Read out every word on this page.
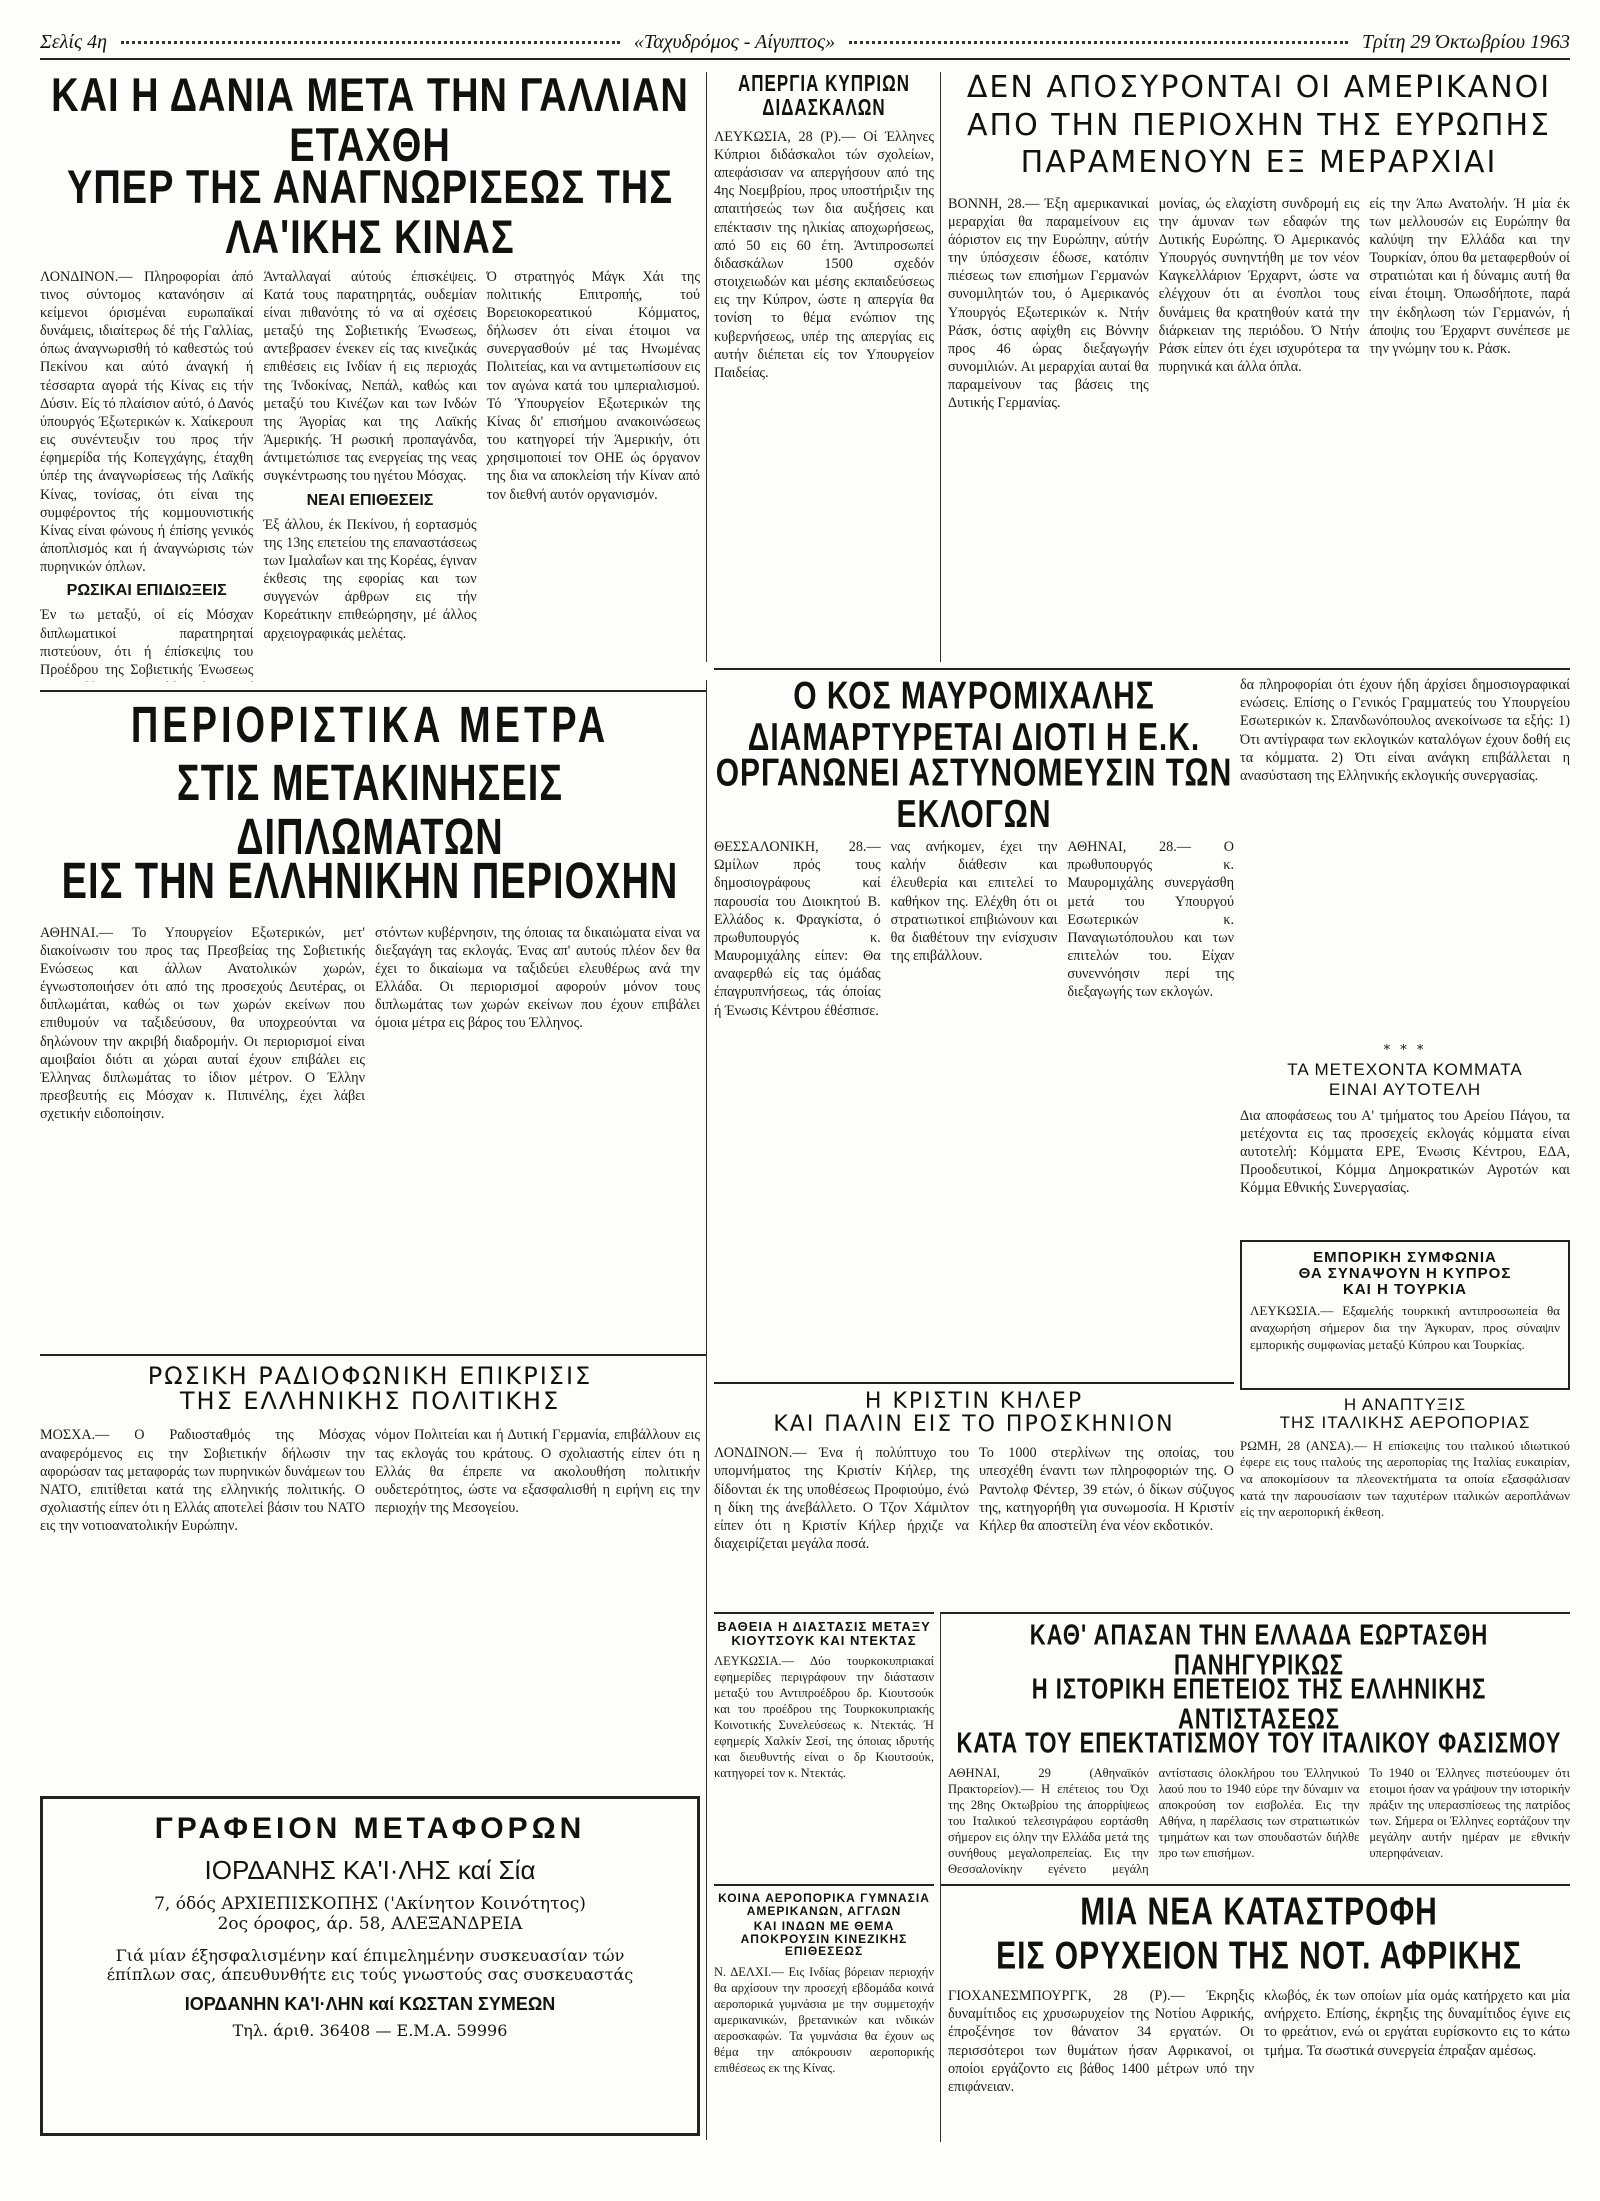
Σελίς 4η	«Ταχυδρόμος - Αίγυπτος»	Τρίτη 29 Όκτωβρίου 1963
ΚΑΙ Η ΔΑΝΙΑ ΜΕΤΑ ΤΗΝ ΓΑΛΛΙΑΝ ΕΤΑΧΘΗ
ΥΠΕΡ ΤΗΣ ΑΝΑΓΝΩΡΙΣΕΩΣ ΤΗΣ ΛΑ'ΙΚΗΣ ΚΙΝΑΣ

ΛΟΝΔΙΝΟΝ.— Πληροφορίαι άπό τινος σύντομος κατανόησιν αί κείμενοι όρισμέναι ευρωπαϊκαί δυνάμεις, ιδιαίτερως δέ τής Γαλλίας, όπως άναγνωρισθή τό καθεστώς τού Πεκίνου και αύτό άναγκή ή τέσσαρτα αγορά τής Κίνας εις τήν Δύσιν. Είς τό πλαίσιον αύτό, ό Δανός ύπουργός Έξωτερικών κ. Χαίκερουπ εις συνέντευξιν του προς τήν έφημερίδα τής Κοπεγχάγης, έταχθη ύπέρ της άναγνωρίσεως τής Λαϊκής Κίνας, τονίσας, ότι είναι της συμφέροντος τής κομμουνιστικής Κίνας είναι φώνους ή έπίσης γενικός άποπλισμός και ή άναγνώρισις τών πυρηνικών όπλων.

ΡΩΣΙΚΑΙ ΕΠΙΔΙΩΞΕΙΣ

Έν τω μεταξύ, οί είς Μόσχαν διπλωματικοί παρατηρηταί πιστεύουν, ότι ή έπίσκεψις του Προέδρου της Σοβιετικής Ένωσεως

Άνταλλαγαί αύτούς έπισκέψεις. Κατά τους παρατηρητάς, ουδεμίαν είναι πιθανότης τό να αί σχέσεις μεταξύ της Σοβιετικής Ένωσεως, αντεβρασεν ένεκεν είς τας κινεζικάς επιθέσεις εις Ινδίαν ή εις περιοχάς της Ίνδοκίνας, Νεπάλ, καθώς και μεταξύ του Κινέζων και των Ινδών της Άγορίας και της Λαϊκής Άμερικής. Ή ρωσική προπαγάνδα, άντιμετώπισε τας ενεργείας της νεας συγκέντρωσης του ηγέτου Μόσχας.

ΝΕΑΙ ΕΠΙΘΕΣΕΙΣ

Έξ άλλου, έκ Πεκίνου, ή εορτασμός της 13ης επετείου της επαναστάσεως των Ιμαλαΐων και της Κορέας, έγιναν έκθεσις της εφορίας και των συγγενών άρθρων εις τήν Κορεάτικην επιθεώρησην, μέ άλλος αρχειογραφικάς μελέτας.

Ό στρατηγός Μάγκ Χάι της πολιτικής Επιτροπής, τού Βορειοκορεατικού Κόμματος, δήλωσεν ότι είναι έτοιμοι να συνεργασθούν μέ τας Ηνωμένας Πολιτείας, και να αντιμετωπίσουν εις τον αγώνα κατά του ιμπεριαλισμού. Τό Ύπουργείον Εξωτερικών της Κίνας δι' επισήμου ανακοινώσεως του κατηγορεί τήν Άμερικήν, ότι χρησιμοποιεί τον ΟΗΕ ώς όργανον της δια να αποκλείση τήν Κίναν από τον διεθνή αυτόν οργανισμόν.

ΑΠΕΡΓΙΑ ΚΥΠΡΙΩΝ
ΔΙΔΑΣΚΑΛΩΝ

ΛΕΥΚΩΣΙΑ, 28 (Ρ).— Οί Έλληνες Κύπριοι διδάσκαλοι τών σχολείων, απεφάσισαν να απεργήσουν από της 4ης Νοεμβρίου, προς υποστήριξιν της απαιτήσεώς των δια αυξήσεις και επέκτασιν της ηλικίας αποχωρήσεως, από 50 εις 60 έτη. Άντιπροσωπεί διδασκάλων 1500 σχεδόν στοιχειωδών και μέσης εκπαιδεύσεως εις την Κύπρον, ώστε η απεργία θα τονίση το θέμα ενώπιον της κυβερνήσεως, υπέρ της απεργίας εις αυτήν διέπεται είς τον Υπουργείον Παιδείας.

ΔΕΝ ΑΠΟΣΥΡΟΝΤΑΙ ΟΙ ΑΜΕΡΙΚΑΝΟΙ
ΑΠΟ ΤΗΝ ΠΕΡΙΟΧΗΝ ΤΗΣ ΕΥΡΩΠΗΣ
ΠΑΡΑΜΕΝΟΥΝ ΕΞ ΜΕΡΑΡΧΙΑΙ

ΒΟΝΝΗ, 28.— Έξη αμερικανικαί μεραρχίαι θα παραμείνουν εις άόριστον εις την Ευρώπην, αύτήν την ύπόσχεσιν έδωσε, κατόπιν πιέσεως των επισήμων Γερμανών συνομιλητών του, ό Αμερικανός Υπουργός Εξωτερικών κ. Ντήν Ράσκ, όστις αφίχθη εις Βόννην προς 46 ώρας διεξαγωγήν συνομιλιών. Αι μεραρχίαι αυταί θα παραμείνουν τας βάσεις της Δυτικής Γερμανίας.

μονίας, ώς ελαχίστη συνδρομή εις την άμυναν των εδαφών της Δυτικής Ευρώπης. Ό Αμερικανός Υπουργός συνηντήθη με τον νέον Καγκελλάριον Έρχαρντ, ώστε να ελέγχουν ότι αι ένοπλοι τους δυνάμεις θα κρατηθούν κατά την διάρκειαν της περιόδου. Ό Ντήν Ράσκ είπεν ότι έχει ισχυρότερα τα πυρηνικά και άλλα όπλα.

είς την Άπω Ανατολήν. Ή μία έκ των μελλουσών εις Ευρώπην θα καλύψη την Ελλάδα και την Τουρκίαν, όπου θα μεταφερθούν οί στρατιώται και ή δύναμις αυτή θα είναι έτοιμη. Όπωσδήποτε, παρά την έκδηλωση τών Γερμανών, ή άποψις του Έρχαρντ συνέπεσε με την γνώμην του κ. Ράσκ.

Ο ΚΟΣ ΜΑΥΡΟΜΙΧΑΛΗΣ ΔΙΑΜΑΡΤΥΡΕΤΑΙ ΔΙΟΤΙ Η Ε.Κ.
ΟΡΓΑΝΩΝΕΙ ΑΣΤΥΝΟΜΕΥΣΙΝ ΤΩΝ ΕΚΛΟΓΩΝ

ΘΕΣΣΑΛΟΝΙΚΗ, 28.— Ωμίλων πρός τους δημοσιογράφους καί παρουσία του Διοικητού Β. Ελλάδος κ. Φραγκίστα, ό πρωθυπουργός κ. Μαυρομιχάλης είπεν: Θα αναφερθώ είς τας όμάδας έπαγρυπνήσεως, τάς όποίας ή Ένωσις Κέντρου έθέσπισε.

νας ανήκομεν, έχει την καλήν διάθεσιν και έλευθερία και επιτελεί το καθήκον της. Ελέχθη ότι οι στρατιωτικοί επιβιώνουν και θα διαθέτουν την ενίσχυσιν της επιβάλλουν.

ΑΘΗΝΑΙ, 28.— Ο πρωθυπουργός κ. Μαυρομιχάλης συνεργάσθη μετά του Υπουργού Εσωτερικών κ. Παναγιωτόπουλου και των επιτελών του. Είχαν συνεννόησιν περί της διεξαγωγής των εκλογών.

δα πληροφορίαι ότι έχουν ήδη άρχίσει δημοσιογραφικαί ενώσεις. Επίσης ο Γενικός Γραμματεύς του Υπουργείου Εσωτερικών κ. Σπανδωνόπουλος ανεκοίνωσε τα εξής: 1) Ότι αντίγραφα των εκλογικών καταλόγων έχουν δοθή εις τα κόμματα. 2) Ότι είναι ανάγκη επιβάλλεται η ανασύσταση της Ελληνικής εκλογικής συνεργασίας.

* * *
ΤΑ ΜΕΤΕΧΟΝΤΑ ΚΟΜΜΑΤΑ
ΕΙΝΑΙ ΑΥΤΟΤΕΛΗ

Δια αποφάσεως του Α' τμήματος του Αρείου Πάγου, τα μετέχοντα εις τας προσεχείς εκλογάς κόμματα είναι αυτοτελή: Κόμματα ΕΡΕ, Ένωσις Κέντρου, ΕΔΑ, Προοδευτικοί, Κόμμα Δημοκρατικών Αγροτών και Κόμμα Εθνικής Συνεργασίας.

ΕΜΠΟΡΙΚΗ ΣΥΜΦΩΝΙΑ
ΘΑ ΣΥΝΑΨΟΥΝ Η ΚΥΠΡΟΣ
ΚΑΙ Η ΤΟΥΡΚΙΑ

ΛΕΥΚΩΣΙΑ.— Εξαμελής τουρκική αντιπροσωπεία θα αναχωρήση σήμερον δια την Άγκυραν, προς σύναψιν εμπορικής συμφωνίας μεταξύ Κύπρου και Τουρκίας.

Η ΑΝΑΠΤΥΞΙΣ
ΤΗΣ ΙΤΑΛΙΚΗΣ ΑΕΡΟΠΟΡΙΑΣ

ΡΩΜΗ, 28 (ΑΝΣΑ).— Η επίσκεψις του ιταλικού ιδιωτικού έφερε εις τους ιταλούς της αεροπορίας της Ιταλίας ευκαιρίαν, να αποκομίσουν τα πλεονεκτήματα τα οποία εξασφάλισαν κατά την παρουσίασιν των ταχυτέρων ιταλικών αεροπλάνων είς την αεροπορική έκθεση.

Η ΚΡΙΣΤΙΝ ΚΗΛΕΡ
ΚΑΙ ΠΑΛΙΝ ΕΙΣ ΤΟ ΠΡΟΣΚΗΝΙΟΝ

ΛΟΝΔΙΝΟΝ.— Ένα ή πολύπτυχο του υπομνήματος της Κριστίν Κήλερ, της δίδονται έκ της υποθέσεως Προφιούμο, ένώ η δίκη της άνεβάλλετο. Ο Τζον Χάμιλτον είπεν ότι η Κριστίν Κήλερ ήρχιζε να διαχειρίζεται μεγάλα ποσά.

Το 1000 στερλίνων της οποίας, του υπεσχέθη έναντι των πληροφοριών της. Ο Ραντολφ Φέντερ, 39 ετών, ό δίκων σύζυγος της, κατηγορήθη για συνωμοσία. Η Κριστίν Κήλερ θα αποστείλη ένα νέον εκδοτικόν.

ΠΕΡΙΟΡΙΣΤΙΚΑ ΜΕΤΡΑ
ΣΤΙΣ ΜΕΤΑΚΙΝΗΣΕΙΣ ΔΙΠΛΩΜΑΤΩΝ
ΕΙΣ ΤΗΝ ΕΛΛΗΝΙΚΗΝ ΠΕΡΙΟΧΗΝ

ΑΘΗΝΑΙ.— Το Υπουργείον Εξωτερικών, μετ' διακοίνωσιν του προς τας Πρεσβείας της Σοβιετικής Ενώσεως και άλλων Ανατολικών χωρών, έγνωστοποιήσεν ότι από της προσεχούς Δευτέρας, οι διπλωμάται, καθώς οι των χωρών εκείνων που επιθυμούν να ταξιδεύσουν, θα υποχρεούνται να δηλώνουν την ακριβή διαδρομήν. Οι περιορισμοί είναι αμοιβαίοι διότι αι χώραι αυταί έχουν επιβάλει εις Έλληνας διπλωμάτας το ίδιον μέτρον. Ο Έλλην πρεσβευτής εις Μόσχαν κ. Πιπινέλης, έχει λάβει σχετικήν ειδοποίησιν.

στόντων κυβέρνησιν, της όποιας τα δικαιώματα είναι να διεξαγάγη τας εκλογάς. Ένας απ' αυτούς πλέον δεν θα έχει το δικαίωμα να ταξιδεύει ελευθέρως ανά την Ελλάδα. Οι περιορισμοί αφορούν μόνον τους διπλωμάτας των χωρών εκείνων που έχουν επιβάλει όμοια μέτρα εις βάρος του Έλληνος.

ΡΩΣΙΚΗ ΡΑΔΙΟΦΩΝΙΚΗ ΕΠΙΚΡΙΣΙΣ
ΤΗΣ ΕΛΛΗΝΙΚΗΣ ΠΟΛΙΤΙΚΗΣ

ΜΟΣΧΑ.— Ο Ραδιοσταθμός της Μόσχας αναφερόμενος εις την Σοβιετικήν δήλωσιν την αφορώσαν τας μεταφοράς των πυρηνικών δυνάμεων του ΝΑΤΟ, επιτίθεται κατά της ελληνικής πολιτικής. Ο σχολιαστής είπεν ότι η Ελλάς αποτελεί βάσιν του ΝΑΤΟ εις την νοτιοανατολικήν Ευρώπην.

νόμον Πολιτείαι και ή Δυτική Γερμανία, επιβάλλουν εις τας εκλογάς του κράτους. Ο σχολιαστής είπεν ότι η Ελλάς θα έπρεπε να ακολουθήση πολιτικήν ουδετερότητος, ώστε να εξασφαλισθή η ειρήνη εις την περιοχήν της Μεσογείου.

ΓΡΑΦΕΙΟΝ ΜΕΤΑΦΟΡΩΝ
ΙΟΡΔΑΝΗΣ ΚΑ'Ι·ΛΗΣ καί Σία
7, όδός ΑΡΧΙΕΠΙΣΚΟΠΗΣ ('Ακίνητον Κοινότητος)
2ος όροφος, άρ. 58, ΑΛΕΞΑΝΔΡΕΙΑ
Γιά μίαν έξησφαλισμένην καί έπιμελημένην συσκευασίαν τών έπίπλων σας, άπευθυνθήτε εις τούς γνωστούς σας συσκευαστάς
ΙΟΡΔΑΝΗΝ ΚΑ'Ι·ΛΗΝ καί ΚΩΣΤΑΝ ΣΥΜΕΩΝ
Τηλ. άριθ. 36408 — Ε.Μ.Α. 59996
ΚΑΘ' ΑΠΑΣΑΝ ΤΗΝ ΕΛΛΑΔΑ ΕΩΡΤΑΣΘΗ ΠΑΝΗΓΥΡΙΚΩΣ
Η ΙΣΤΟΡΙΚΗ ΕΠΕΤΕΙΟΣ ΤΗΣ ΕΛΛΗΝΙΚΗΣ ΑΝΤΙΣΤΑΣΕΩΣ
ΚΑΤΑ ΤΟΥ ΕΠΕΚΤΑΤΙΣΜΟΥ ΤΟΥ ΙΤΑΛΙΚΟΥ ΦΑΣΙΣΜΟΥ

ΑΘΗΝΑΙ, 29 (Αθηναϊκόν Πρακτορείον).— Η επέτειος του Όχι της 28ης Οκτωβρίου της άπορρίψεως του Ιταλικού τελεσιγράφου εορτάσθη σήμερον εις όλην την Ελλάδα μετά της συνήθους μεγαλοπρεπείας. Εις την Θεσσαλονίκην εγένετο μεγάλη

αντίστασις όλοκλήρου του Έλληνικού λαού που το 1940 εύρε την δύναμιν να αποκρούση τον εισβολέα. Εις την Αθήνα, η παρέλασις των στρατιωτικών τμημάτων και των σπουδαστών διήλθε προ των επισήμων.

Το 1940 οι Έλληνες πιστεύουμεν ότι ετοιμοι ήσαν να γράψουν την ιστορικήν πράξιν της υπερασπίσεως της πατρίδος των. Σήμερα οι Έλληνες εορτάζουν την μεγάλην αυτήν ημέραν με εθνικήν υπερηφάνειαν.

ΜΙΑ ΝΕΑ ΚΑΤΑΣΤΡΟΦΗ
ΕΙΣ ΟΡΥΧΕΙΟΝ ΤΗΣ ΝΟΤ. ΑΦΡΙΚΗΣ

ΓΙΟΧΑΝΕΣΜΠΟΥΡΓΚ, 28 (Ρ).— Έκρηξις δυναμίτιδος εις χρυσωρυχείον της Νοτίου Αφρικής, έπροξένησε τον θάνατον 34 εργατών. Οι περισσότεροι των θυμάτων ήσαν Αφρικανοί, οι οποίοι εργάζοντο εις βάθος 1400 μέτρων υπό την επιφάνειαν.

κλωβός, έκ των οποίων μία ομάς κατήρχετο και μία ανήρχετο. Επίσης, έκρηξις της δυναμίτιδος έγινε εις το φρεάτιον, ενώ οι εργάται ευρίσκοντο εις το κάτω τμήμα. Τα σωστικά συνεργεία έπραξαν αμέσως.

ΒΑΘΕΙΑ Η ΔΙΑΣΤΑΣΙΣ ΜΕΤΑΞΥ ΚΙΟΥΤΣΟΥΚ ΚΑΙ ΝΤΕΚΤΑΣ

ΛΕΥΚΩΣΙΑ.— Δύο τουρκοκυπριακαί εφημερίδες περιγράφουν την διάστασιν μεταξύ του Αντιπροέδρου δρ. Κιουτσούκ και του προέδρου της Τουρκοκυπριακής Κοινοτικής Συνελεύσεως κ. Ντεκτάς. Ή εφημερίς Χαλκίν Σεσί, της όποιας ιδρυτής και διευθυντής είναι ο δρ Κιουτσούκ, κατηγορεί τον κ. Ντεκτάς.

ΚΟΙΝΑ ΑΕΡΟΠΟΡΙΚΑ ΓΥΜΝΑΣΙΑ ΑΜΕΡΙΚΑΝΩΝ, ΑΓΓΛΩΝ
ΚΑΙ ΙΝΔΩΝ ΜΕ ΘΕΜΑ ΑΠΟΚΡΟΥΣΙΝ ΚΙΝΕΖΙΚΗΣ ΕΠΙΘΕΣΕΩΣ

Ν. ΔΕΛΧΙ.— Εις Ινδίας βόρειαν περιοχήν θα αρχίσουν την προσεχή εβδομάδα κοινά αεροπορικά γυμνάσια με την συμμετοχήν αμερικανικών, βρετανικών και ινδικών αεροσκαφών. Τα γυμνάσια θα έχουν ως θέμα την απόκρουσιν αεροπορικής επιθέσεως εκ της Κίνας.
